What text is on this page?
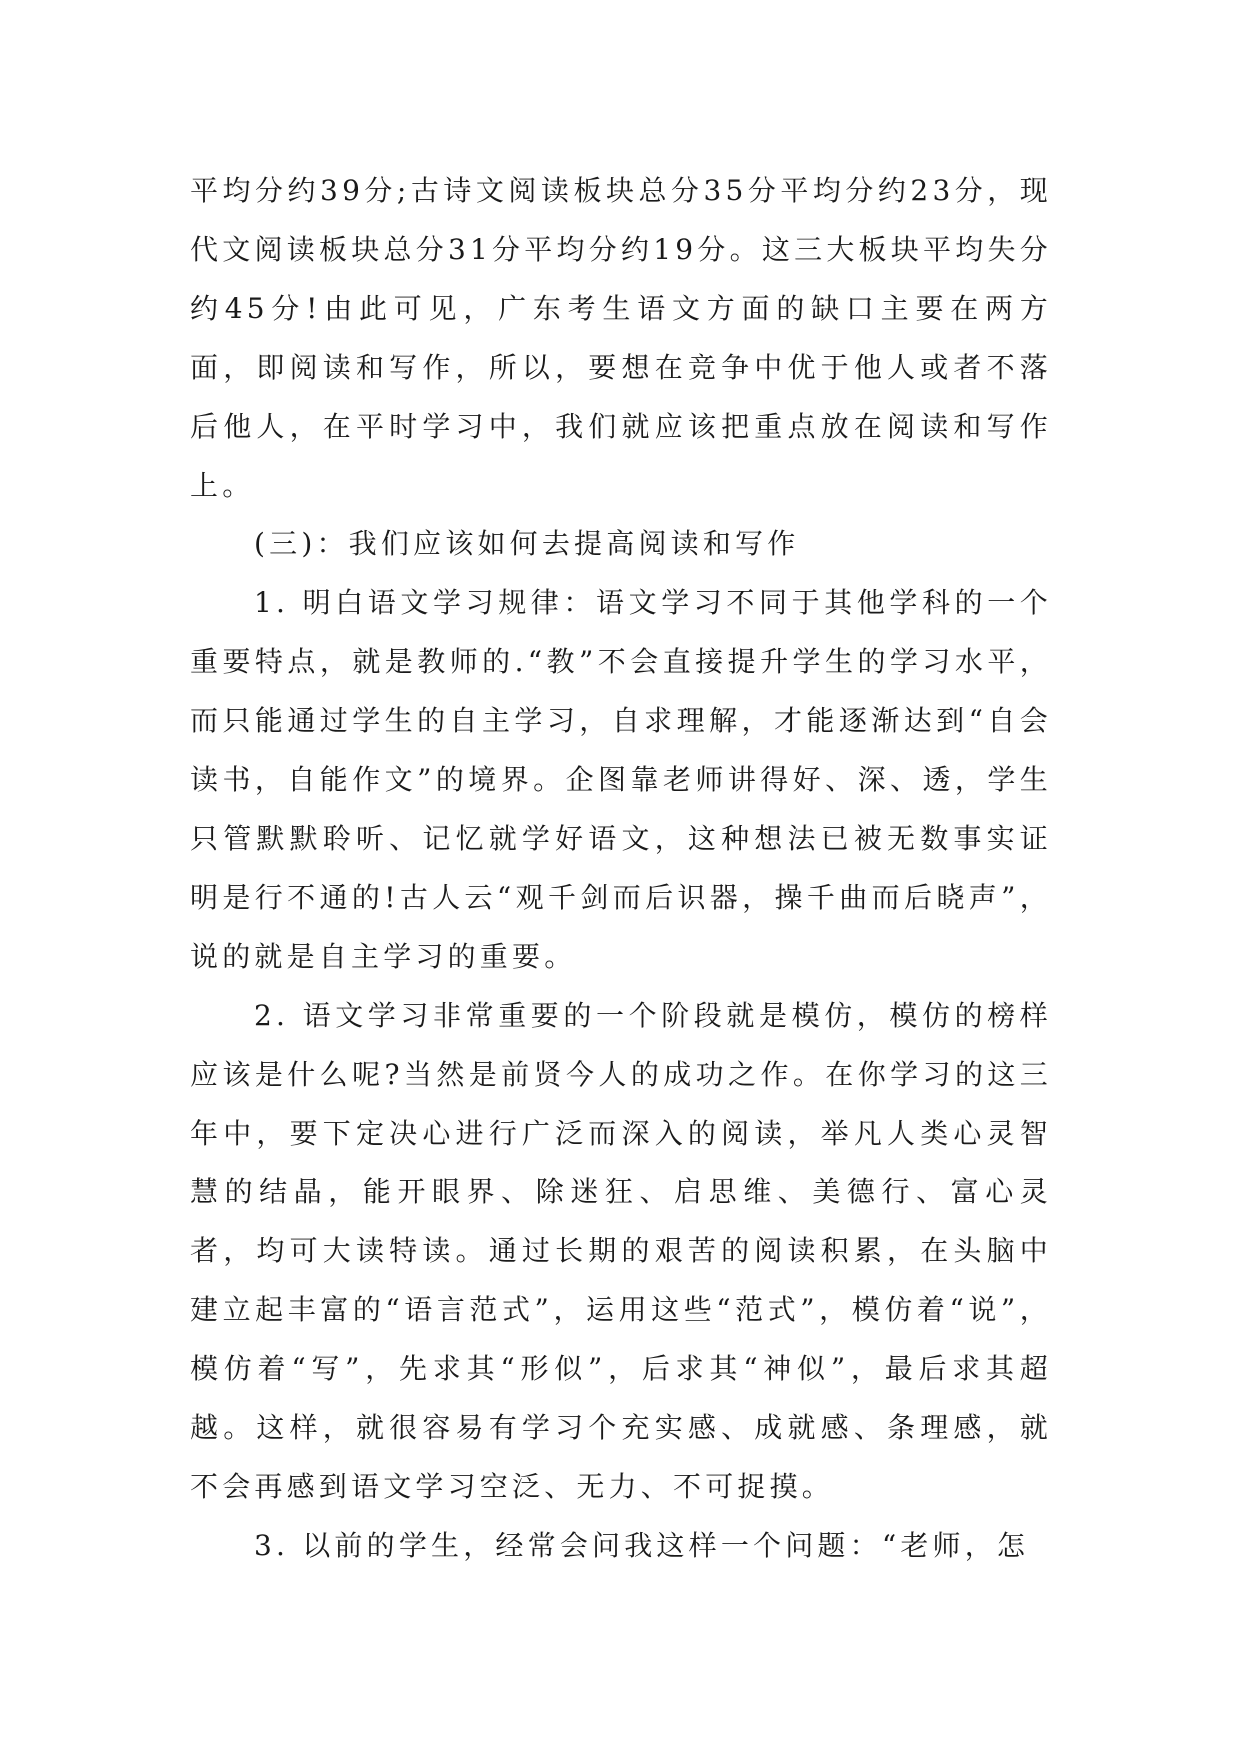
平均分约39分;古诗文阅读板块总分35分平均分约23分，现代文阅读板块总分31分平均分约19分。这三大板块平均失分约45分!由此可见，广东考生语文方面的缺口主要在两方面，即阅读和写作，所以，要想在竞争中优于他人或者不落后他人，在平时学习中，我们就应该把重点放在阅读和写作上。

(三)：我们应该如何去提高阅读和写作

1. 明白语文学习规律：语文学习不同于其他学科的一个重要特点，就是教师的.“教”不会直接提升学生的学习水平，而只能通过学生的自主学习，自求理解，才能逐渐达到“自会读书，自能作文”的境界。企图靠老师讲得好、深、透，学生只管默默聆听、记忆就学好语文，这种想法已被无数事实证明是行不通的!古人云“观千剑而后识器，操千曲而后晓声”，说的就是自主学习的重要。

2. 语文学习非常重要的一个阶段就是模仿，模仿的榜样应该是什么呢?当然是前贤今人的成功之作。在你学习的这三年中，要下定决心进行广泛而深入的阅读，举凡人类心灵智慧的结晶，能开眼界、除迷狂、启思维、美德行、富心灵者，均可大读特读。通过长期的艰苦的阅读积累，在头脑中建立起丰富的“语言范式”，运用这些“范式”，模仿着“说”，模仿着“写”，先求其“形似”，后求其“神似”，最后求其超越。这样，就很容易有学习个充实感、成就感、条理感，就不会再感到语文学习空泛、无力、不可捉摸。

3. 以前的学生，经常会问我这样一个问题：“老师，怎
